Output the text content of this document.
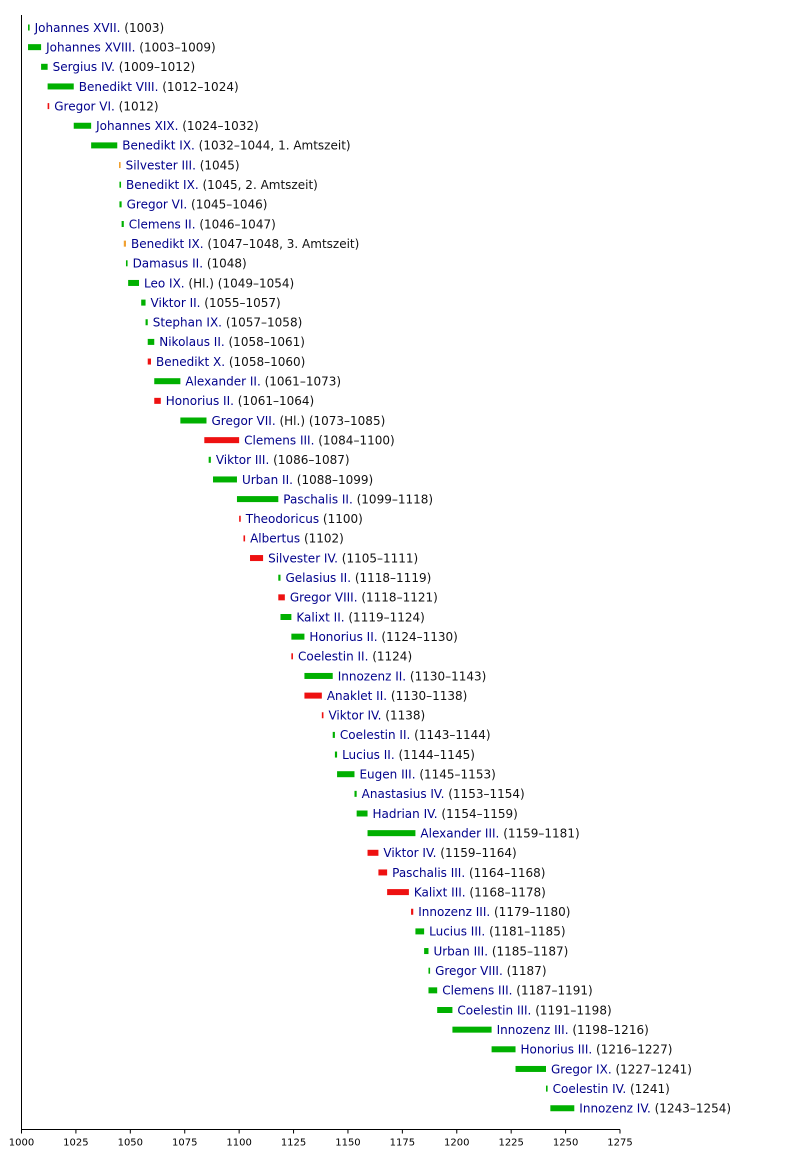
Johannes XVII. (1003)
Johannes XVIII. (1003–1009)
Sergius IV. (1009–1012)
Benedikt VIII. (1012–1024)
Gregor VI. (1012)
Johannes XIX. (1024–1032)
Benedikt IX. (1032–1044, 1. Amtszeit)
Silvester III. (1045)
Benedikt IX. (1045, 2. Amtszeit)
Gregor VI. (1045–1046)
Clemens II. (1046–1047)
Benedikt IX. (1047–1048, 3. Amtszeit)
Damasus II. (1048)
Leo IX. (Hl.) (1049–1054)
Viktor II. (1055–1057)
Stephan IX. (1057–1058)
Nikolaus II. (1058–1061)
Benedikt X. (1058–1060)
Alexander II. (1061–1073)
Honorius II. (1061–1064)
Gregor VII. (Hl.) (1073–1085)
Clemens III. (1084–1100)
Viktor III. (1086–1087)
Urban II. (1088–1099)
Paschalis II. (1099–1118)
Theodoricus (1100)
Albertus (1102)
Silvester IV. (1105–1111)
Gelasius II. (1118–1119)
Gregor VIII. (1118–1121)
Kalixt II. (1119–1124)
Honorius II. (1124–1130)
Coelestin II. (1124)
Innozenz II. (1130–1143)
Anaklet II. (1130–1138)
Viktor IV. (1138)
Coelestin II. (1143–1144)
Lucius II. (1144–1145)
Eugen III. (1145–1153)
Anastasius IV. (1153–1154)
Hadrian IV. (1154–1159)
Alexander III. (1159–1181)
Viktor IV. (1159–1164)
Paschalis III. (1164–1168)
Kalixt III. (1168–1178)
Innozenz III. (1179–1180)
Lucius III. (1181–1185)
Urban III. (1185–1187)
Gregor VIII. (1187)
Clemens III. (1187–1191)
Coelestin III. (1191–1198)
Innozenz III. (1198–1216)
Honorius III. (1216–1227)
Gregor IX. (1227–1241)
Coelestin IV. (1241)
Innozenz IV. (1243–1254)
1000	1025	1050	1075	1100	1125	1150	1175	1200	1225	1250	1275
